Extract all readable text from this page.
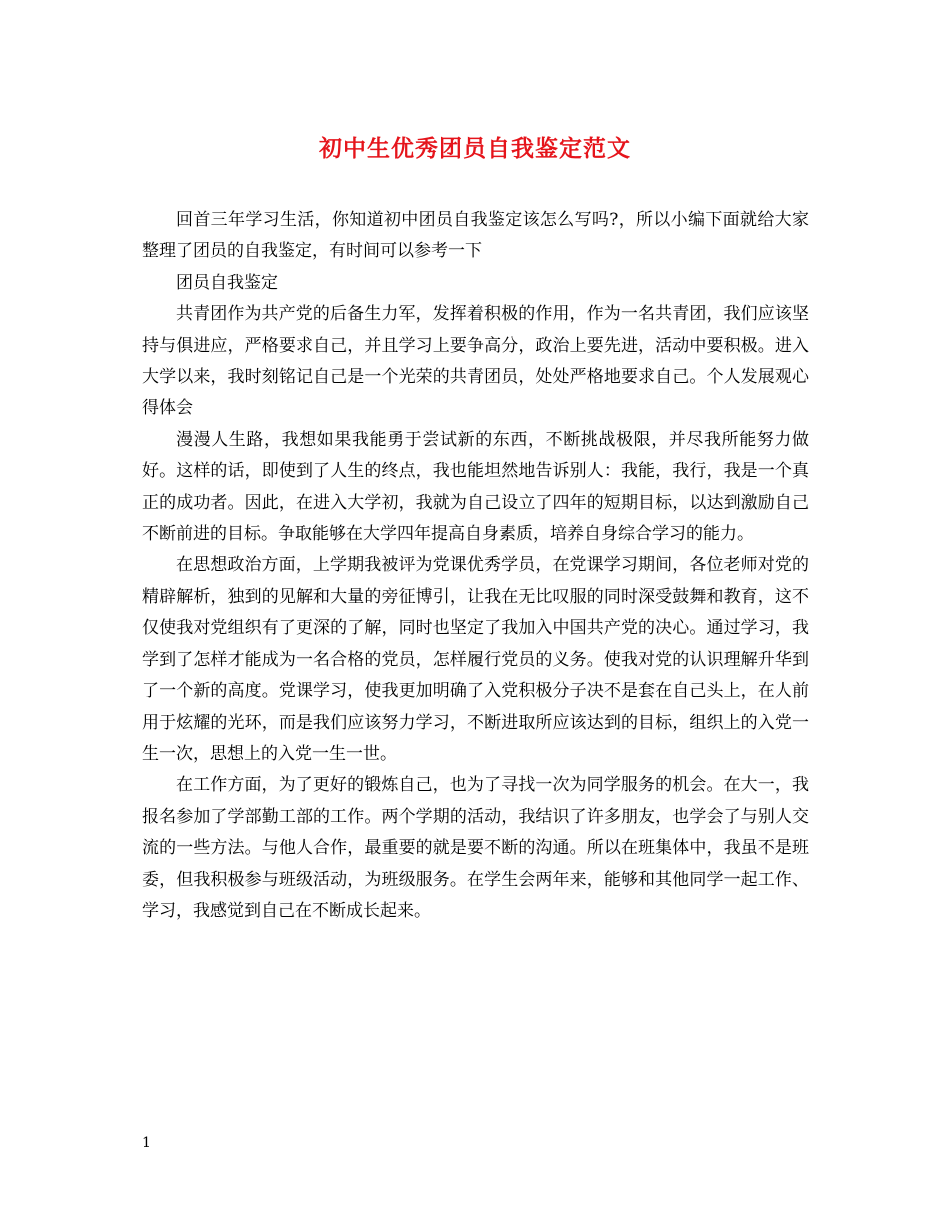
初中生优秀团员自我鉴定范文

回首三年学习生活，你知道初中团员自我鉴定该怎么写吗?，所以小编下面就给大家整理了团员的自我鉴定，有时间可以参考一下

团员自我鉴定

共青团作为共产党的后备生力军，发挥着积极的作用，作为一名共青团，我们应该坚持与俱进应，严格要求自己，并且学习上要争高分，政治上要先进，活动中要积极。进入大学以来，我时刻铭记自己是一个光荣的共青团员，处处严格地要求自己。个人发展观心得体会

漫漫人生路，我想如果我能勇于尝试新的东西，不断挑战极限，并尽我所能努力做好。这样的话，即使到了人生的终点，我也能坦然地告诉别人：我能，我行，我是一个真正的成功者。因此，在进入大学初，我就为自己设立了四年的短期目标，以达到激励自己不断前进的目标。争取能够在大学四年提高自身素质，培养自身综合学习的能力。

在思想政治方面，上学期我被评为党课优秀学员，在党课学习期间，各位老师对党的精辟解析，独到的见解和大量的旁征博引，让我在无比叹服的同时深受鼓舞和教育，这不仅使我对党组织有了更深的了解，同时也坚定了我加入中国共产党的决心。通过学习，我学到了怎样才能成为一名合格的党员，怎样履行党员的义务。使我对党的认识理解升华到了一个新的高度。党课学习，使我更加明确了入党积极分子决不是套在自己头上，在人前用于炫耀的光环，而是我们应该努力学习，不断进取所应该达到的目标，组织上的入党一生一次，思想上的入党一生一世。

在工作方面，为了更好的锻炼自己，也为了寻找一次为同学服务的机会。在大一，我报名参加了学部勤工部的工作。两个学期的活动，我结识了许多朋友，也学会了与别人交流的一些方法。与他人合作，最重要的就是要不断的沟通。所以在班集体中，我虽不是班委，但我积极参与班级活动，为班级服务。在学生会两年来，能够和其他同学一起工作、学习，我感觉到自己在不断成长起来。

1
